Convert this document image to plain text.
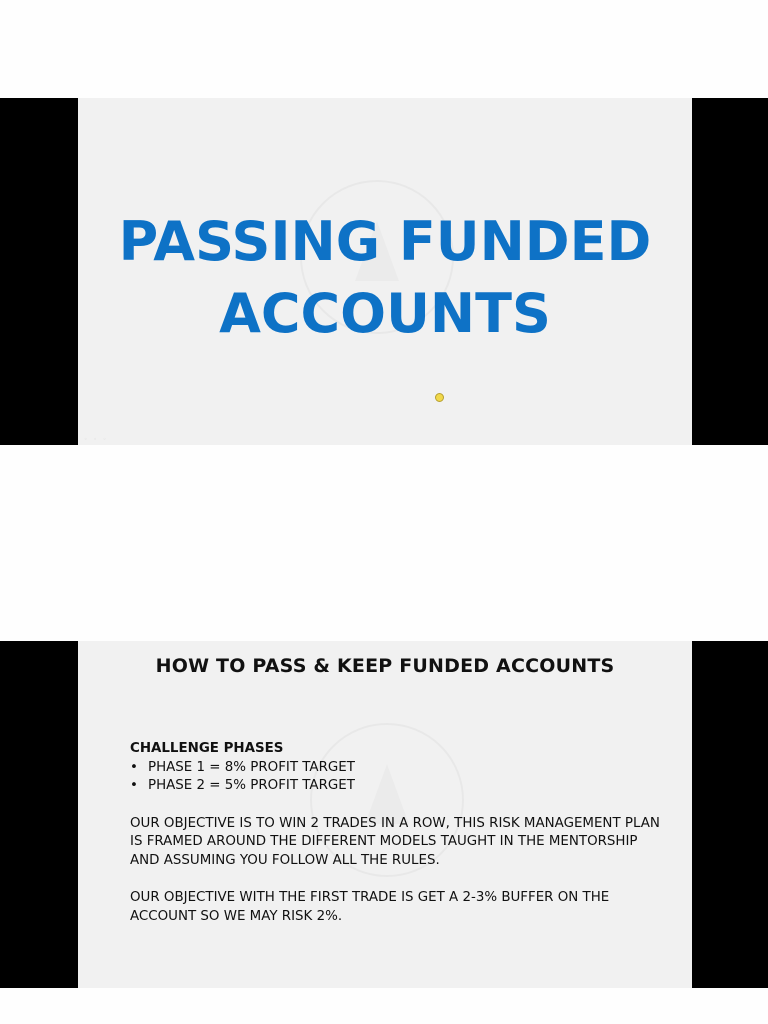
PASSING FUNDED
ACCOUNTS
◦ ◦ ◦
HOW TO PASS & KEEP FUNDED ACCOUNTS
CHALLENGE PHASES
• PHASE 1 = 8% PROFIT TARGET
• PHASE 2 = 5% PROFIT TARGET
OUR OBJECTIVE IS TO WIN 2 TRADES IN A ROW, THIS RISK MANAGEMENT PLAN IS FRAMED AROUND THE DIFFERENT MODELS TAUGHT IN THE MENTORSHIP AND ASSUMING YOU FOLLOW ALL THE RULES.
OUR OBJECTIVE WITH THE FIRST TRADE IS GET A 2-3% BUFFER ON THE ACCOUNT SO WE MAY RISK 2%.
